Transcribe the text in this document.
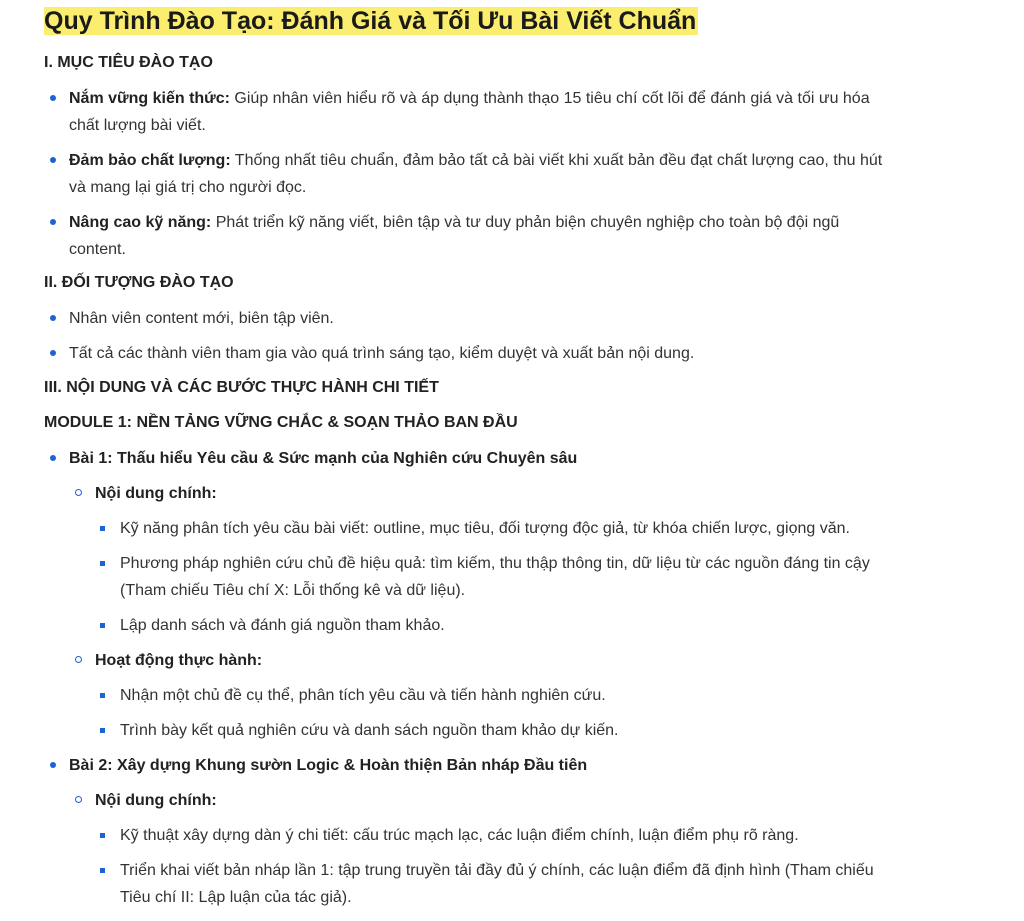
Quy Trình Đào Tạo: Đánh Giá và Tối Ưu Bài Viết Chuẩn
I. MỤC TIÊU ĐÀO TẠO
Nắm vững kiến thức: Giúp nhân viên hiểu rõ và áp dụng thành thạo 15 tiêu chí cốt lõi để đánh giá và tối ưu hóa chất lượng bài viết.
Đảm bảo chất lượng: Thống nhất tiêu chuẩn, đảm bảo tất cả bài viết khi xuất bản đều đạt chất lượng cao, thu hút và mang lại giá trị cho người đọc.
Nâng cao kỹ năng: Phát triển kỹ năng viết, biên tập và tư duy phản biện chuyên nghiệp cho toàn bộ đội ngũ content.
II. ĐỐI TƯỢNG ĐÀO TẠO
Nhân viên content mới, biên tập viên.
Tất cả các thành viên tham gia vào quá trình sáng tạo, kiểm duyệt và xuất bản nội dung.
III. NỘI DUNG VÀ CÁC BƯỚC THỰC HÀNH CHI TIẾT
MODULE 1: NỀN TẢNG VỮNG CHẮC & SOẠN THẢO BAN ĐẦU
Bài 1: Thấu hiểu Yêu cầu & Sức mạnh của Nghiên cứu Chuyên sâu
Nội dung chính:
Kỹ năng phân tích yêu cầu bài viết: outline, mục tiêu, đối tượng độc giả, từ khóa chiến lược, giọng văn.
Phương pháp nghiên cứu chủ đề hiệu quả: tìm kiếm, thu thập thông tin, dữ liệu từ các nguồn đáng tin cậy (Tham chiếu Tiêu chí X: Lỗi thống kê và dữ liệu).
Lập danh sách và đánh giá nguồn tham khảo.
Hoạt động thực hành:
Nhận một chủ đề cụ thể, phân tích yêu cầu và tiến hành nghiên cứu.
Trình bày kết quả nghiên cứu và danh sách nguồn tham khảo dự kiến.
Bài 2: Xây dựng Khung sườn Logic & Hoàn thiện Bản nháp Đầu tiên
Nội dung chính:
Kỹ thuật xây dựng dàn ý chi tiết: cấu trúc mạch lạc, các luận điểm chính, luận điểm phụ rõ ràng.
Triển khai viết bản nháp lần 1: tập trung truyền tải đầy đủ ý chính, các luận điểm đã định hình (Tham chiếu Tiêu chí II: Lập luận của tác giả).
